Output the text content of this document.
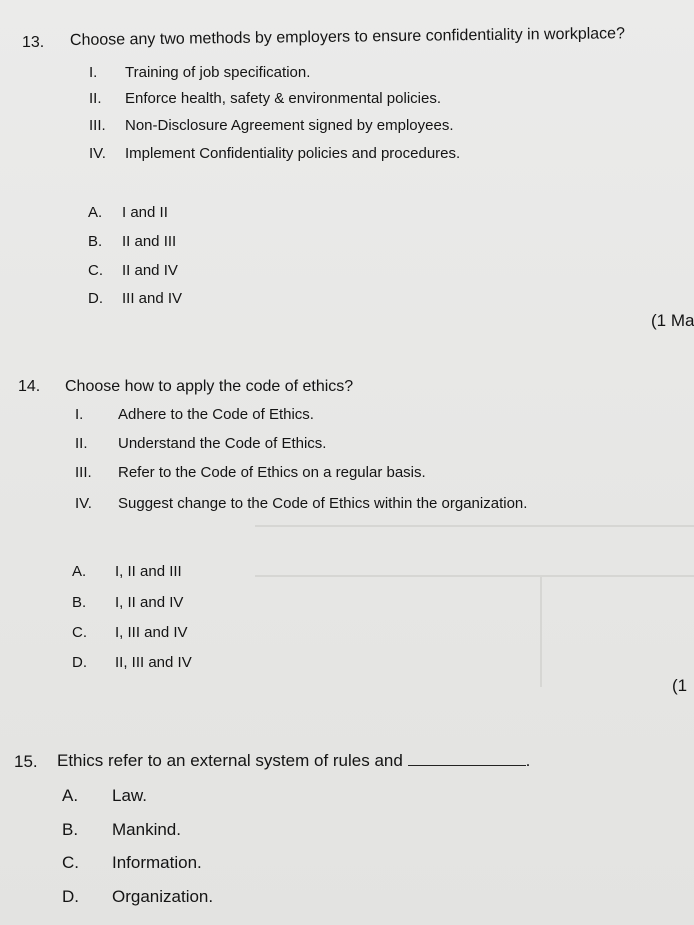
13. Choose any two methods by employers to ensure confidentiality in workplace?
I. Training of job specification.
II. Enforce health, safety & environmental policies.
III. Non-Disclosure Agreement signed by employees.
IV. Implement Confidentiality policies and procedures.
A. I and II
B. II and III
C. II and IV
D. III and IV
(1 Ma
14. Choose how to apply the code of ethics?
I. Adhere to the Code of Ethics.
II. Understand the Code of Ethics.
III. Refer to the Code of Ethics on a regular basis.
IV. Suggest change to the Code of Ethics within the organization.
A. I, II and III
B. I, II and IV
C. I, III and IV
D. II, III and IV
(1
15. Ethics refer to an external system of rules and	.
A. Law.
B. Mankind.
C. Information.
D. Organization.
